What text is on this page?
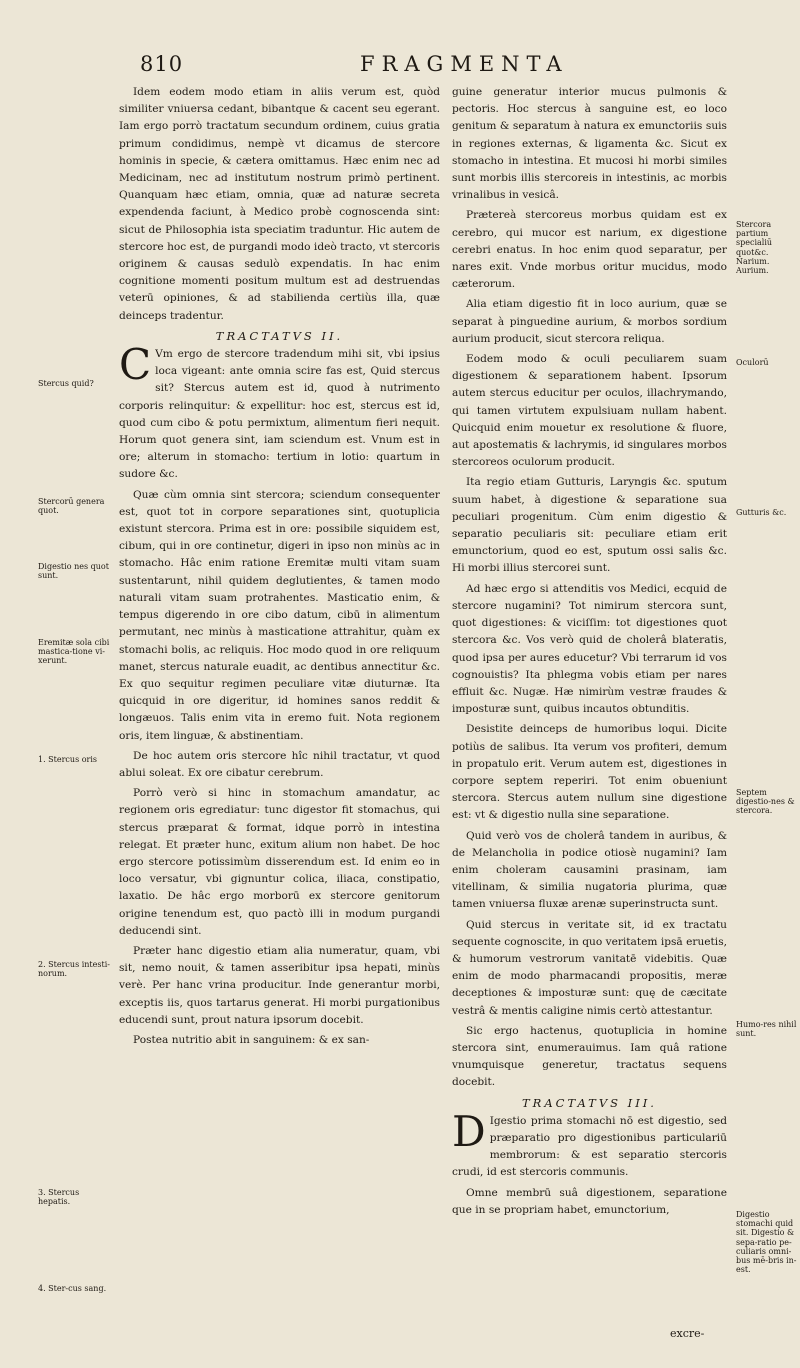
810	FRAGMENTA

Idem eodem modo etiam in aliis verum est, quòd similiter vniuersa cedant, bibantque & cacent seu egerant. Iam ergo porrò tractatum secundum ordinem, cuius gratia primum condidimus, nempè vt dicamus de stercore hominis in specie, & cætera omittamus. Hæc enim nec ad Medicinam, nec ad institutum nostrum primò pertinent. Quanquam hæc etiam, omnia, quæ ad naturæ secreta expendenda faciunt, à Medico probè cognoscenda sint: sicut de Philosophia ista speciatim traduntur. Hic autem de stercore hoc est, de purgandi modo ideò tracto, vt stercoris originem & causas sedulò expendatis. In hac enim cognitione momenti positum multum est ad destruendas veterū opiniones, & ad stabilienda certiùs illa, quæ deinceps tradentur.

TRACTATVS II.

C Vm ergo de stercore tradendum mihi sit, vbi ipsius loca vigeant: ante omnia scire fas est, Quid stercus sit? Stercus autem est id, quod à nutrimento corporis relinquitur: & expellitur: hoc est, stercus est id, quod cum cibo & potu permixtum, alimentum fieri nequit. Horum quot genera sint, iam sciendum est. Vnum est in ore; alterum in stomacho: tertium in lotio: quartum in sudore &c.

Quæ cùm omnia sint stercora; sciendum consequenter est, quot tot in corpore separationes sint, quotuplicia existunt stercora. Prima est in ore: possibile siquidem est, cibum, qui in ore continetur, digeri in ipso non minùs ac in stomacho. Hâc enim ratione Eremitæ multi vitam suam sustentarunt, nihil quidem deglutientes, & tamen modo naturali vitam suam protrahentes. Masticatio enim, & tempus digerendo in ore cibo datum, cibū in alimentum permutant, nec minùs à masticatione attrahitur, quàm ex stomachi bolis, ac reliquis. Hoc modo quod in ore reliquum manet, stercus naturale euadit, ac dentibus annectitur &c. Ex quo sequitur regimen peculiare vitæ diuturnæ. Ita quicquid in ore digeritur, id homines sanos reddit & longæuos. Talis enim vita in eremo fuit. Nota regionem oris, item linguæ, & abstinentiam.

De hoc autem oris stercore hîc nihil tractatur, vt quod ablui soleat. Ex ore cibatur cerebrum.

Porrò verò si hinc in stomachum amandatur, ac regionem oris egrediatur: tunc digestor fit stomachus, qui stercus præparat & format, idque porrò in intestina relegat. Et præter hunc, exitum alium non habet. De hoc ergo stercore potissimùm disserendum est. Id enim eo in loco versatur, vbi gignuntur colica, iliaca, constipatio, laxatio. De hâc ergo morborū ex stercore genitorum origine tenendum est, quo pactò illi in modum purgandi deducendi sint.

Præter hanc digestio etiam alia numeratur, quam, vbi sit, nemo nouit, & tamen asseribitur ipsa hepati, minùs verè. Per hanc vrina producitur. Inde generantur morbi, exceptis iis, quos tartarus generat. Hi morbi purgationibus educendi sunt, prout natura ipsorum docebit.

Postea nutritio abit in sanguinem: & ex san-

guine generatur interior mucus pulmonis & pectoris. Hoc stercus à sanguine est, eo loco genitum & separatum à natura ex emunctoriis suis in regiones externas, & ligamenta &c. Sicut ex stomacho in intestina. Et mucosi hi morbi similes sunt morbis illis stercoreis in intestinis, ac morbis vrinalibus in vesicâ.

Prætereà stercoreus morbus quidam est ex cerebro, qui mucor est narium, ex digestione cerebri enatus. In hoc enim quod separatur, per nares exit. Vnde morbus oritur mucidus, modo cæterorum.

Alia etiam digestio fit in loco aurium, quæ se separat à pinguedine aurium, & morbos sordium aurium producit, sicut stercora reliqua.

Eodem modo & oculi peculiarem suam digestionem & separationem habent. Ipsorum autem stercus educitur per oculos, illachrymando, qui tamen virtutem expulsiuam nullam habent. Quicquid enim mouetur ex resolutione & fluore, aut apostematis & lachrymis, id singulares morbos stercoreos oculorum producit.

Ita regio etiam Gutturis, Laryngis &c. sputum suum habet, à digestione & separatione sua peculiari progenitum. Cùm enim digestio & separatio peculiaris sit: peculiare etiam erit emunctorium, quod eo est, sputum ossi salis &c. Hi morbi illius stercorei sunt.

Ad hæc ergo si attenditis vos Medici, ecquid de stercore nugamini? Tot nimirum stercora sunt, quot digestiones: & viciſſim: tot digestiones quot stercora &c. Vos verò quid de cholerâ blateratis, quod ipsa per aures educetur? Vbi terrarum id vos cognouistis? Ita phlegma vobis etiam per nares effluit &c. Nugæ. Hæ nimirùm vestræ fraudes & imposturæ sunt, quibus incautos obtunditis.

Desistite deinceps de humoribus loqui. Dicite potiùs de salibus. Ita verum vos profiteri, demum in propatulo erit. Verum autem est, digestiones in corpore septem reperiri. Tot enim obueniunt stercora. Stercus autem nullum sine digestione est: vt & digestio nulla sine separatione.

Quid verò vos de cholerâ tandem in auribus, & de Melancholia in podice otiosè nugamini? Iam enim choleram causamini prasinam, iam vitellinam, & similia nugatoria plurima, quæ tamen vniuersa fluxæ arenæ superinstructa sunt.

Quid stercus in veritate sit, id ex tractatu sequente cognoscite, in quo veritatem ipsā eruetis, & humorum vestrorum vanitatē videbitis. Quæ enim de modo pharmacandi propositis, meræ deceptiones & imposturæ sunt: quę de cæcitate vestrâ & mentis caligine nimis certò attestantur.

Sic ergo hactenus, quotuplicia in homine stercora sint, enumerauimus. Iam quâ ratione vnumquisque generetur, tractatus sequens docebit.

TRACTATVS III.

D Igestio prima stomachi nō est digestio, sed præparatio pro digestionibus particulariū membrorum: & est separatio stercoris crudi, id est stercoris communis.

Omne membrū suâ digestionem, separatione que in se propriam habet, emunctorium,

Stercus quid?
Stercorū genera quot.
Digestio nes quot sunt.
Eremitæ sola cibi mastica-tione vi-xerunt.
1. Stercus oris
2. Stercus intesti-norum.
3. Stercus hepatis.
4. Ster-cus sang.
Stercora partium specialiū quot&c. Narium. Aurium.
Oculorū
Gutturis &c.
Septem digestio-nes & stercora.
Humo-res nihil sunt.
Digestio stomachi quid sit. Digestio & sepa-ratio pe-culiaris omni-bus mē-bris in-est.
excre-
